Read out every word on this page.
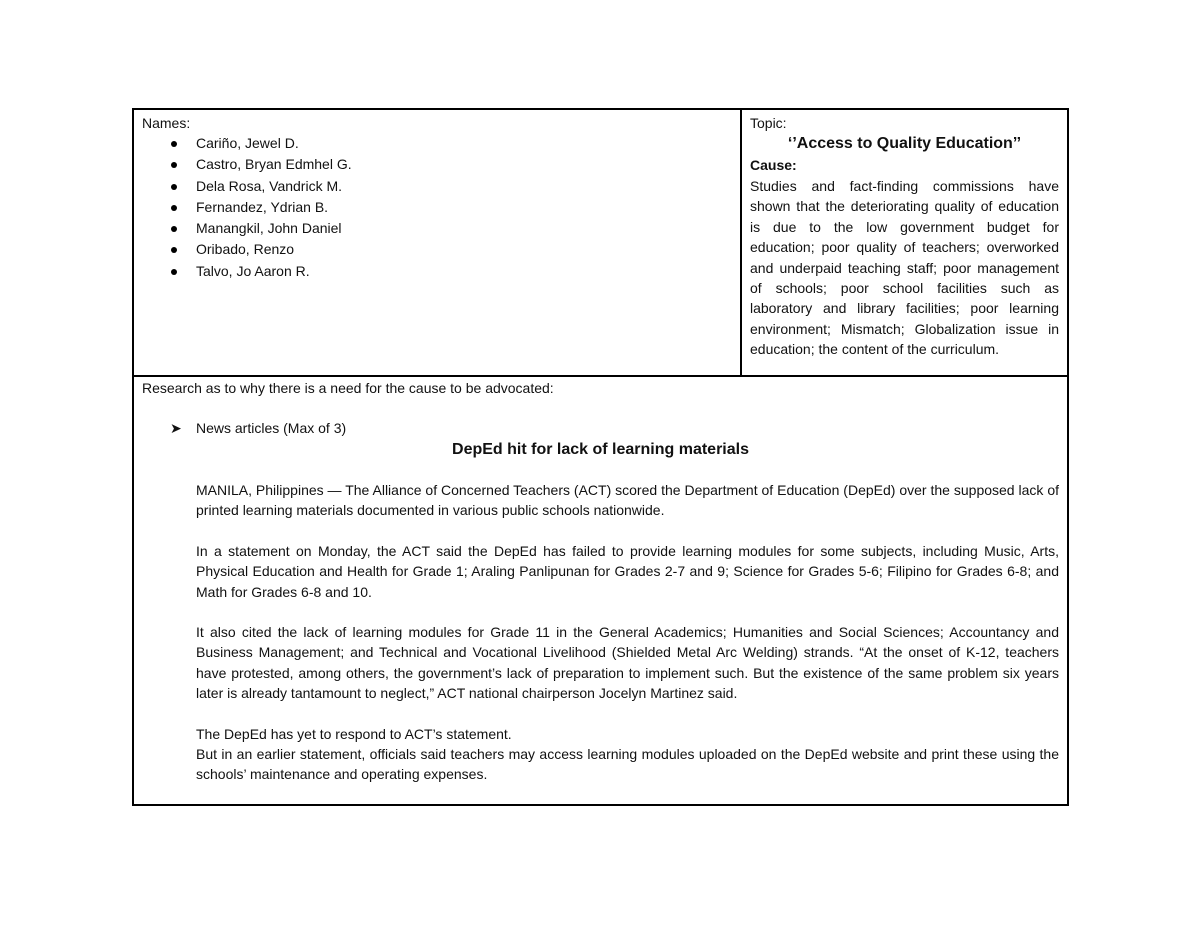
Names:
Cariño, Jewel D.
Castro, Bryan Edmhel G.
Dela Rosa, Vandrick M.
Fernandez, Ydrian B.
Manangkil, John Daniel
Oribado, Renzo
Talvo, Jo Aaron R.
Topic:
‘’Access to Quality Education’’
Cause:
Studies and fact-finding commissions have shown that the deteriorating quality of education is due to the low government budget for education; poor quality of teachers; overworked and underpaid teaching staff; poor management of schools; poor school facilities such as laboratory and library facilities; poor learning environment; Mismatch; Globalization issue in education; the content of the curriculum.
Research as to why there is a need for the cause to be advocated:
➤ News articles (Max of 3)
DepEd hit for lack of learning materials

MANILA, Philippines — The Alliance of Concerned Teachers (ACT) scored the Department of Education (DepEd) over the supposed lack of printed learning materials documented in various public schools nationwide.

In a statement on Monday, the ACT said the DepEd has failed to provide learning modules for some subjects, including Music, Arts, Physical Education and Health for Grade 1; Araling Panlipunan for Grades 2-7 and 9; Science for Grades 5-6; Filipino for Grades 6-8; and Math for Grades 6-8 and 10.

It also cited the lack of learning modules for Grade 11 in the General Academics; Humanities and Social Sciences; Accountancy and Business Management; and Technical and Vocational Livelihood (Shielded Metal Arc Welding) strands. “At the onset of K-12, teachers have protested, among others, the government’s lack of preparation to implement such. But the existence of the same problem six years later is already tantamount to neglect,” ACT national chairperson Jocelyn Martinez said.

The DepEd has yet to respond to ACT’s statement.

But in an earlier statement, officials said teachers may access learning modules uploaded on the DepEd website and print these using the schools’ maintenance and operating expenses.
